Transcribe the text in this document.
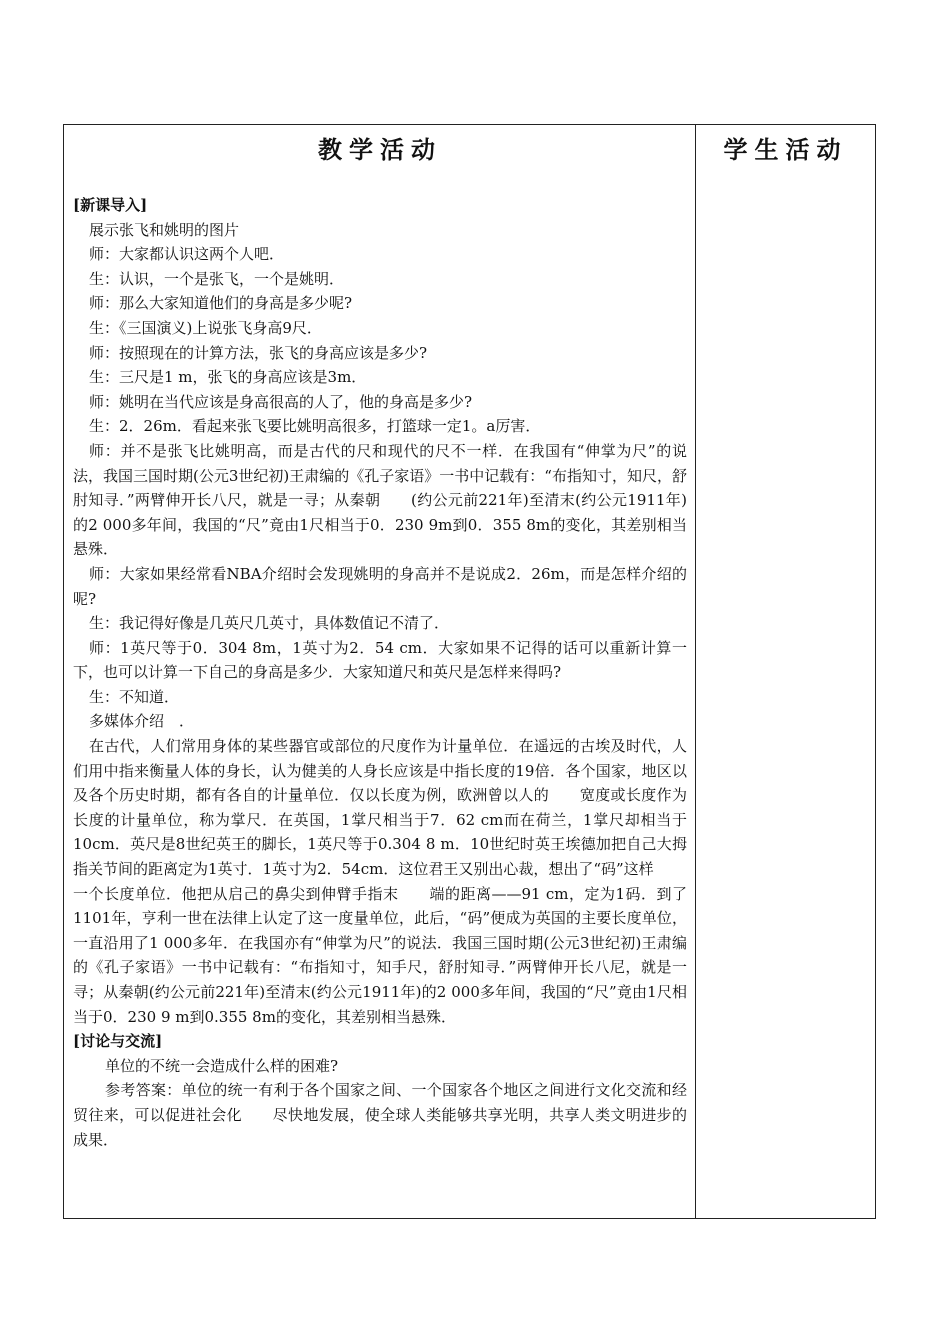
教学活动

[新课导入]

展示张飞和姚明的图片

师：大家都认识这两个人吧．

生：认识，一个是张飞，一个是姚明．

师：那么大家知道他们的身高是多少呢?

生：《三国演义)上说张飞身高9尺．

师：按照现在的计算方法，张飞的身高应该是多少?

生：三尺是1 m，张飞的身高应该是3m．

师：姚明在当代应该是身高很高的人了，他的身高是多少?

生：2．26m．看起来张飞要比姚明高很多，打篮球一定1。a厉害．

师：并不是张飞比姚明高，而是古代的尺和现代的尺不一样．在我国有“伸掌为尺”的说法，我国三国时期(公元3世纪初)王肃编的《孔子家语》一书中记载有：“布指知寸，知尺，舒肘知寻．”两臂伸开长八尺，就是一寻；从秦朝　　(约公元前221年)至清末(约公元1911年)的2 000多年间，我国的“尺”竟由1尺相当于0．230 9m到0．355 8m的变化，其差别相当悬殊．

师：大家如果经常看NBA介绍时会发现姚明的身高并不是说成2．26m，而是怎样介绍的呢?

生：我记得好像是几英尺几英寸，具体数值记不清了．

师：1英尺等于0．304 8m，1英寸为2．54 cm．大家如果不记得的话可以重新计算一下，也可以计算一下自己的身高是多少．大家知道尺和英尺是怎样来得吗?

生：不知道．

多媒体介绍　．

在古代，人们常用身体的某些器官或部位的尺度作为计量单位．在遥远的古埃及时代，人们用中指来衡量人体的身长，认为健美的人身长应该是中指长度的19倍．各个国家，地区以及各个历史时期，都有各自的计量单位．仅以长度为例，欧洲曾以人的　　宽度或长度作为长度的计量单位，称为掌尺．在英国，1掌尺相当于7．62 cm而在荷兰，1掌尺却相当于10cm．英尺是8世纪英王的脚长，1英尺等于0.304 8 m．10世纪时英王埃德加把自己大拇指关节间的距离定为1英寸．1英寸为2．54cm．这位君王又别出心裁，想出了“码”这样

一个长度单位．他把从启己的鼻尖到伸臂手指末　　端的距离——91 cm，定为1码．到了1101年，亨利一世在法律上认定了这一度量单位，此后，“码”便成为英国的主要长度单位，一直沿用了1 000多年．在我国亦有“伸掌为尺”的说法．我国三国时期(公元3世纪初)王肃编的《孔子家语》一书中记载有：“布指知寸，知手尺，舒肘知寻．”两臂伸开长八尼，就是一寻；从秦朝(约公元前221年)至清末(约公元1911年)的2 000多年间，我国的“尺”竟由1尺相当于0．230 9 m到0.355 8m的变化，其差别相当悬殊．

[讨论与交流]

单位的不统一会造成什么样的困难?

参考答案：单位的统一有利于各个国家之间、一个国家各个地区之间进行文化交流和经贸往来，可以促进社会化　　尽快地发展，使全球人类能够共享光明，共享人类文明进步的成果．

学生活动
